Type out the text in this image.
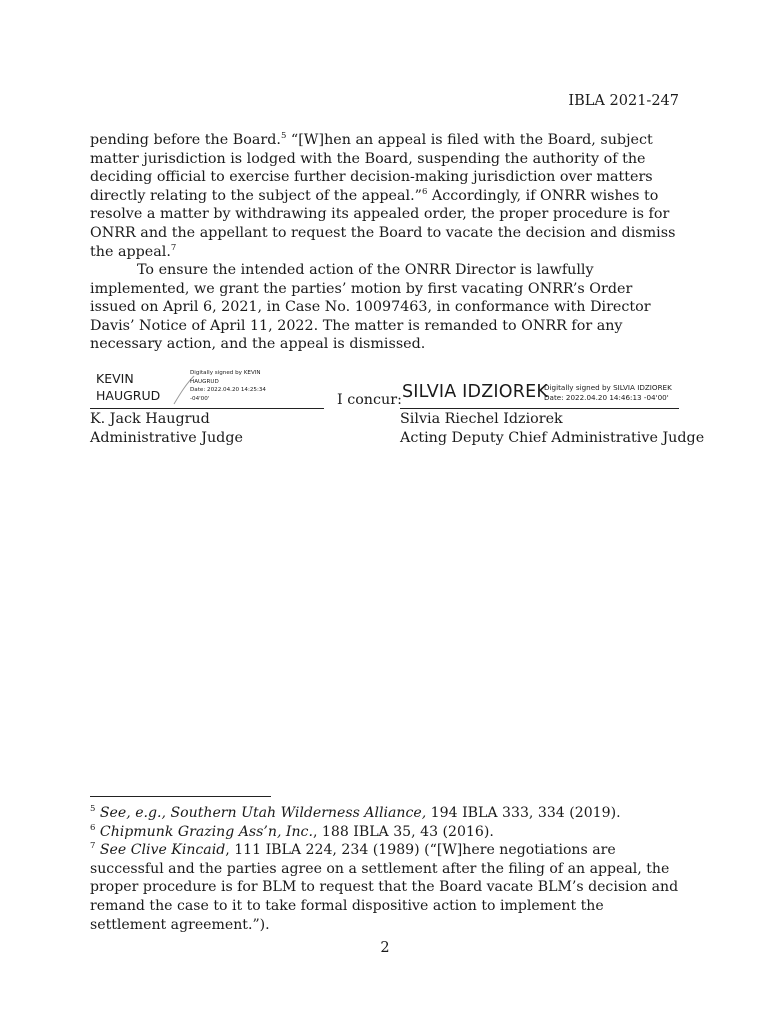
IBLA 2021-247

pending before the Board.$^5$ “[W]hen an appeal is filed with the Board, subject matter jurisdiction is lodged with the Board, suspending the authority of the deciding official to exercise further decision-making jurisdiction over matters directly relating to the subject of the appeal.”$^6$ Accordingly, if ONRR wishes to resolve a matter by withdrawing its appealed order, the proper procedure is for ONRR and the appellant to request the Board to vacate the decision and dismiss the appeal.$^7$

To ensure the intended action of the ONRR Director is lawfully implemented, we grant the parties’ motion by first vacating ONRR’s Order issued on April 6, 2021, in Case No. 10097463, in conformance with Director Davis’ Notice of April 11, 2022. The matter is remanded to ONRR for any necessary action, and the appeal is dismissed.

KEVIN
HAUGRUD
Digitally signed by KEVIN
HAUGRUD
Date: 2022.04.20 14:25:34
-04'00'
K. Jack Haugrud
Administrative Judge
I concur: SILVIA IDZIOREK
Digitally signed by SILVIA IDZIOREK
Date: 2022.04.20 14:46:13 -04'00'
Silvia Riechel Idziorek
Acting Deputy Chief Administrative Judge

$^5$ See, e.g., Southern Utah Wilderness Alliance, 194 IBLA 333, 334 (2019).

$^6$ Chipmunk Grazing Ass’n, Inc., 188 IBLA 35, 43 (2016).

$^7$ See Clive Kincaid, 111 IBLA 224, 234 (1989) (“[W]here negotiations are successful and the parties agree on a settlement after the filing of an appeal, the proper procedure is for BLM to request that the Board vacate BLM’s decision and remand the case to it to take formal dispositive action to implement the settlement agreement.”).

2
